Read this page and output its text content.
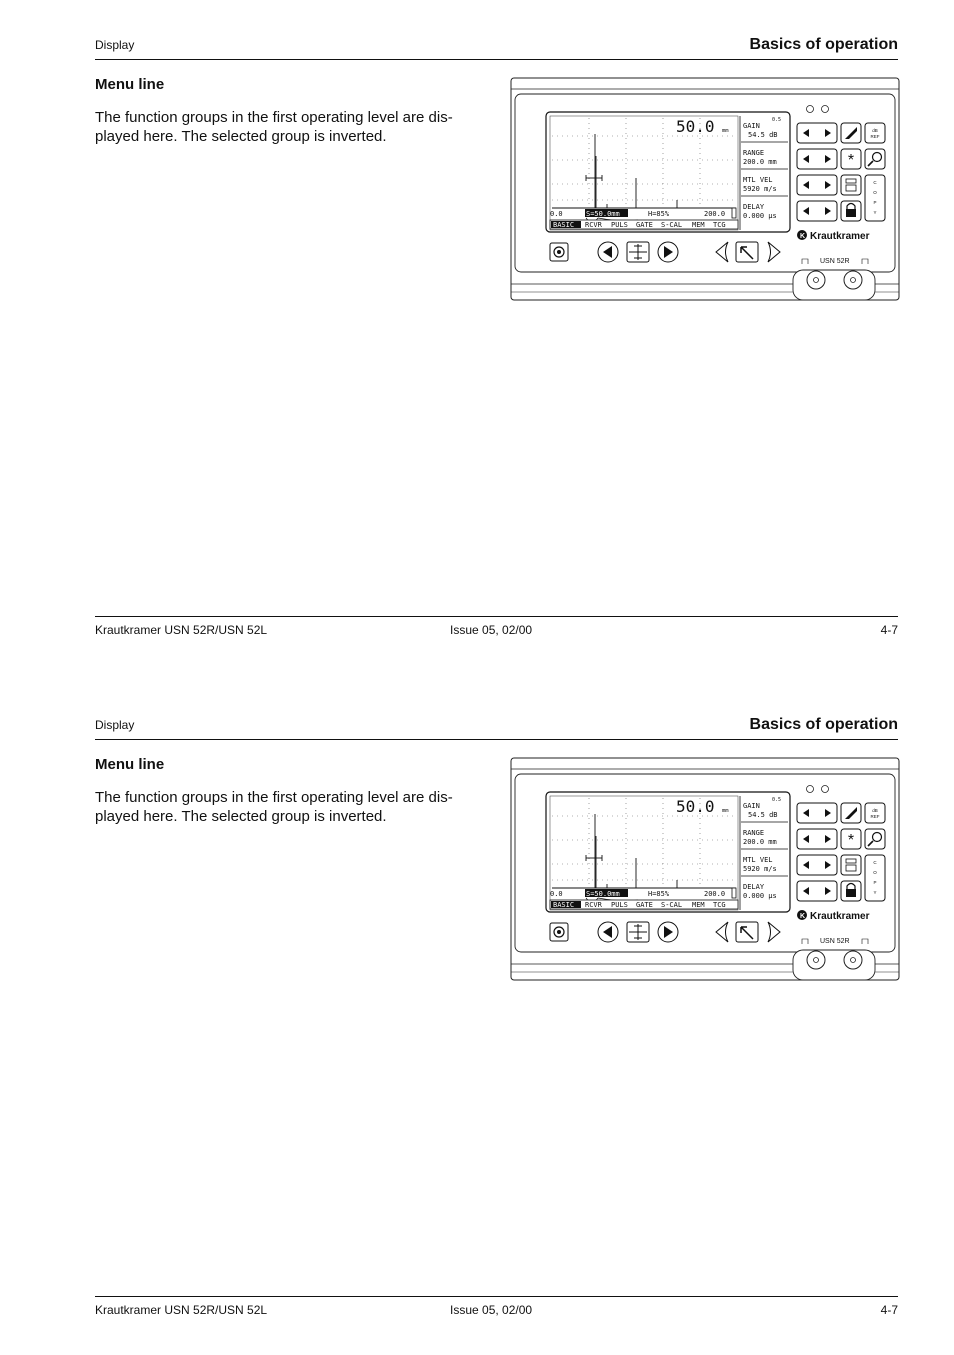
Display	Basics of operation
Menu line

The function groups in the first operating level are dis-
played here. The selected group is inverted.

50.0 mm
0.0	S=50.0mm	H=85%	200.0
BASIC RCVR PULS GATE S-CAL MEM TCG
0.5
GAIN
54.5 dB
RANGE
200.0 mm
MTL VEL
5920 m/s
DELAY
0.000 µs
*
dB
REF
C
O
P
Y
K Krautkramer
USN 52R
Krautkramer USN 52R/USN 52L	Issue 05, 02/00	4-7
Display	Basics of operation
Menu line

The function groups in the first operating level are dis-
played here. The selected group is inverted.

50.0 mm
0.0	S=50.0mm	H=85%	200.0
BASIC RCVR PULS GATE S-CAL MEM TCG
0.5
GAIN
54.5 dB
RANGE
200.0 mm
MTL VEL
5920 m/s
DELAY
0.000 µs
*
dB
REF
C
O
P
Y
K Krautkramer
USN 52R
Krautkramer USN 52R/USN 52L	Issue 05, 02/00	4-7
